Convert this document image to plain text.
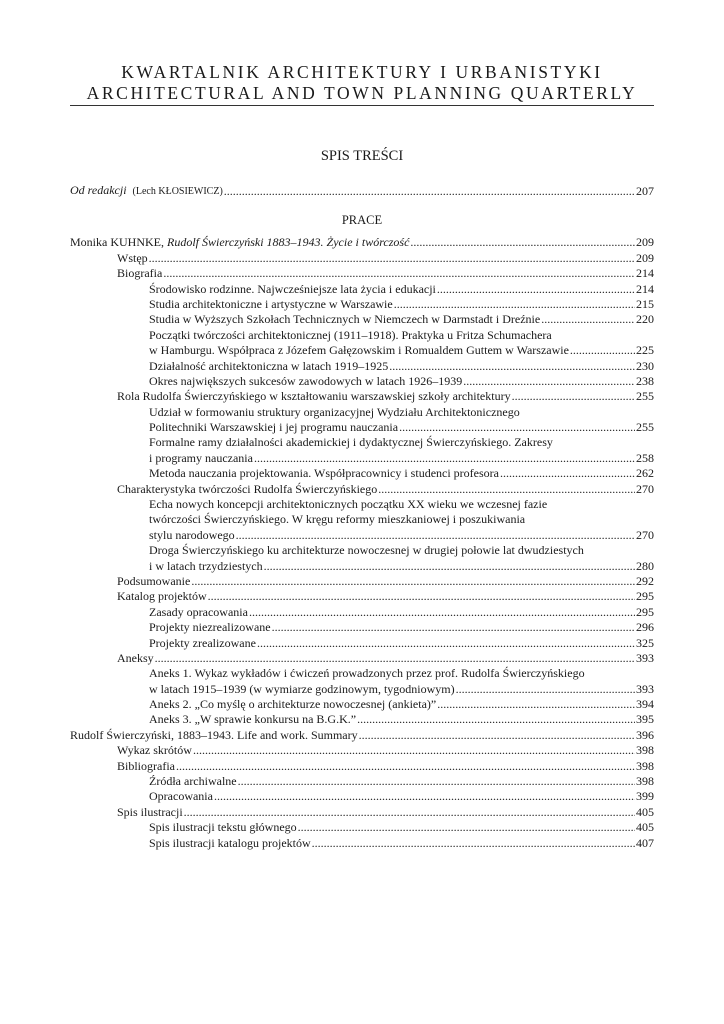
KWARTALNIK ARCHITEKTURY I URBANISTYKI
ARCHITECTURAL AND TOWN PLANNING QUARTERLY
SPIS TREŚCI
Od redakcji (Lech KŁOSIEWICZ) .....	207
PRACE
Monika KUHNKE, Rudolf Świerczyński 1883–1943. Życie i twórczość .....	209
Wstęp .....	209
Biografia .....	214
Środowisko rodzinne. Najwcześniejsze lata życia i edukacji .....	214
Studia architektoniczne i artystyczne w Warszawie .....	215
Studia w Wyższych Szkołach Technicznych w Niemczech w Darmstadt i Dreźnie .....	220
Początki twórczości architektonicznej (1911–1918). Praktyka u Fritza Schumachera
w Hamburgu. Współpraca z Józefem Gałęzowskim i Romualdem Guttem w Warszawie .....	225
Działalność architektoniczna w latach 1919–1925 .....	230
Okres największych sukcesów zawodowych w latach 1926–1939 .....	238
Rola Rudolfa Świerczyńskiego w kształtowaniu warszawskiej szkoły architektury .....	255
Udział w formowaniu struktury organizacyjnej Wydziału Architektonicznego
Politechniki Warszawskiej i jej programu nauczania .....	255
Formalne ramy działalności akademickiej i dydaktycznej Świerczyńskiego. Zakresy
i programy nauczania .....	258
Metoda nauczania projektowania. Współpracownicy i studenci profesora .....	262
Charakterystyka twórczości Rudolfa Świerczyńskiego .....	270
Echa nowych koncepcji architektonicznych początku XX wieku we wczesnej fazie
twórczości Świerczyńskiego. W kręgu reformy mieszkaniowej i poszukiwania
stylu narodowego .....	270
Droga Świerczyńskiego ku architekturze nowoczesnej w drugiej połowie lat dwudziestych
i w latach trzydziestych .....	280
Podsumowanie .....	292
Katalog projektów .....	295
Zasady opracowania .....	295
Projekty niezrealizowane .....	296
Projekty zrealizowane .....	325
Aneksy .....	393
Aneks 1. Wykaz wykładów i ćwiczeń prowadzonych przez prof. Rudolfa Świerczyńskiego
w latach 1915–1939 (w wymiarze godzinowym, tygodniowym) .....	393
Aneks 2. „Co myślę o architekturze nowoczesnej (ankieta)” .....	394
Aneks 3. „W sprawie konkursu na B.G.K.” .....	395
Rudolf Świerczyński, 1883–1943. Life and work. Summary .....	396
Wykaz skrótów .....	398
Bibliografia .....	398
Źródła archiwalne .....	398
Opracowania .....	399
Spis ilustracji .....	405
Spis ilustracji tekstu głównego .....	405
Spis ilustracji katalogu projektów .....	407
